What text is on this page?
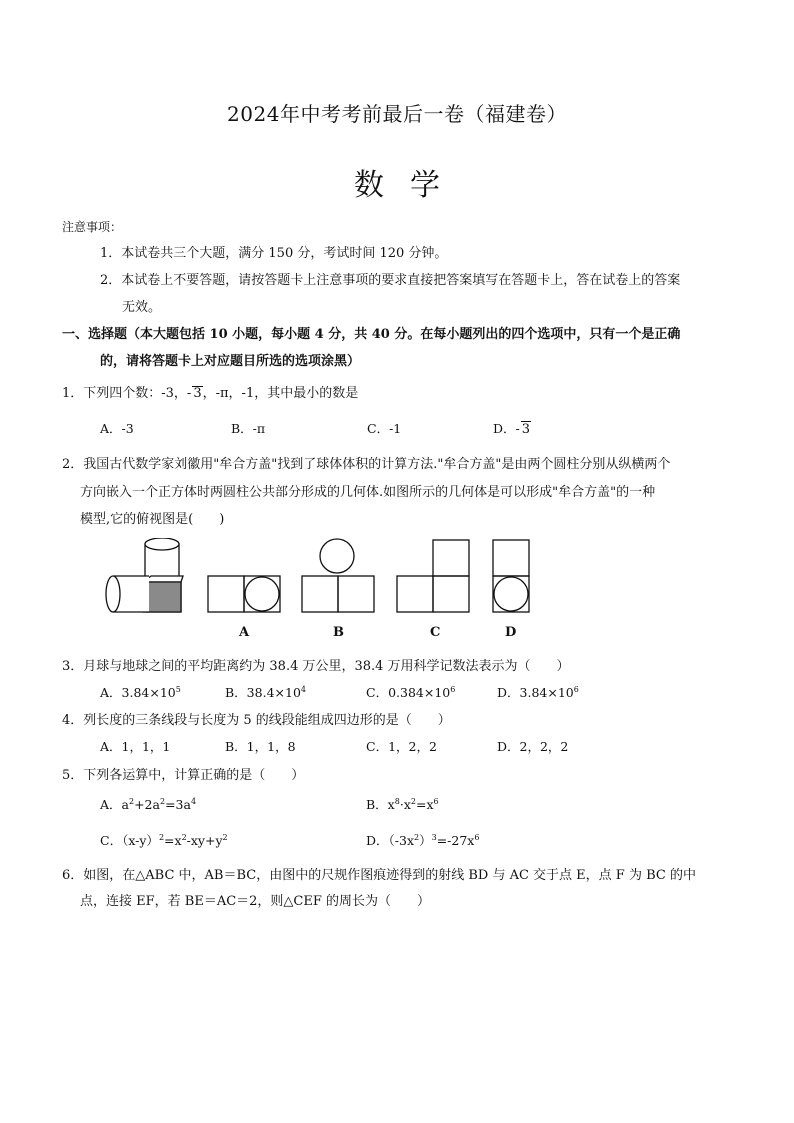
2024年中考考前最后一卷（福建卷）
数学
注意事项：
1．本试卷共三个大题，满分 150 分，考试时间 120 分钟。
2．本试卷上不要答题，请按答题卡上注意事项的要求直接把答案填写在答题卡上，答在试卷上的答案
无效。
一、选择题（本大题包括 10 小题，每小题 4 分，共 40 分。在每小题列出的四个选项中，只有一个是正确
的，请将答题卡上对应题目所选的选项涂黑）
1．下列四个数：-3，- 3，-π，-1，其中最小的数是
A．-3	B．-π	C．-1	D．- 3
2．我国古代数学家刘徽用"牟合方盖"找到了球体体积的计算方法."牟合方盖"是由两个圆柱分别从纵横两个
方向嵌入一个正方体时两圆柱公共部分形成的几何体.如图所示的几何体是可以形成"牟合方盖"的一种
模型,它的俯视图是(　　)
A	B	C	D
3．月球与地球之间的平均距离约为 38.4 万公里，38.4 万用科学记数法表示为（　　）
A．$3.84\times 10^5$	B．$38.4\times 10^4$	C．$0.384\times 10^6$	D．$3.84\times 10^6$
4．列长度的三条线段与长度为 5 的线段能组成四边形的是（　　）
A．1，1，1	B．1，1，8	C．1，2，2	D．2，2，2
5．下列各运算中，计算正确的是（　　）
A．$a^2+2a^2=3a^4$	B．$x^8\cdot x^2=x^6$
C．$(x-y)^2=x^2-xy+y^2$	D．$(-3x^2)^3=-27x^6$
6．如图，在△ABC 中，AB＝BC，由图中的尺规作图痕迹得到的射线 BD 与 AC 交于点 E，点 F 为 BC 的中
点，连接 EF，若 BE＝AC＝2，则△CEF 的周长为（　　）
